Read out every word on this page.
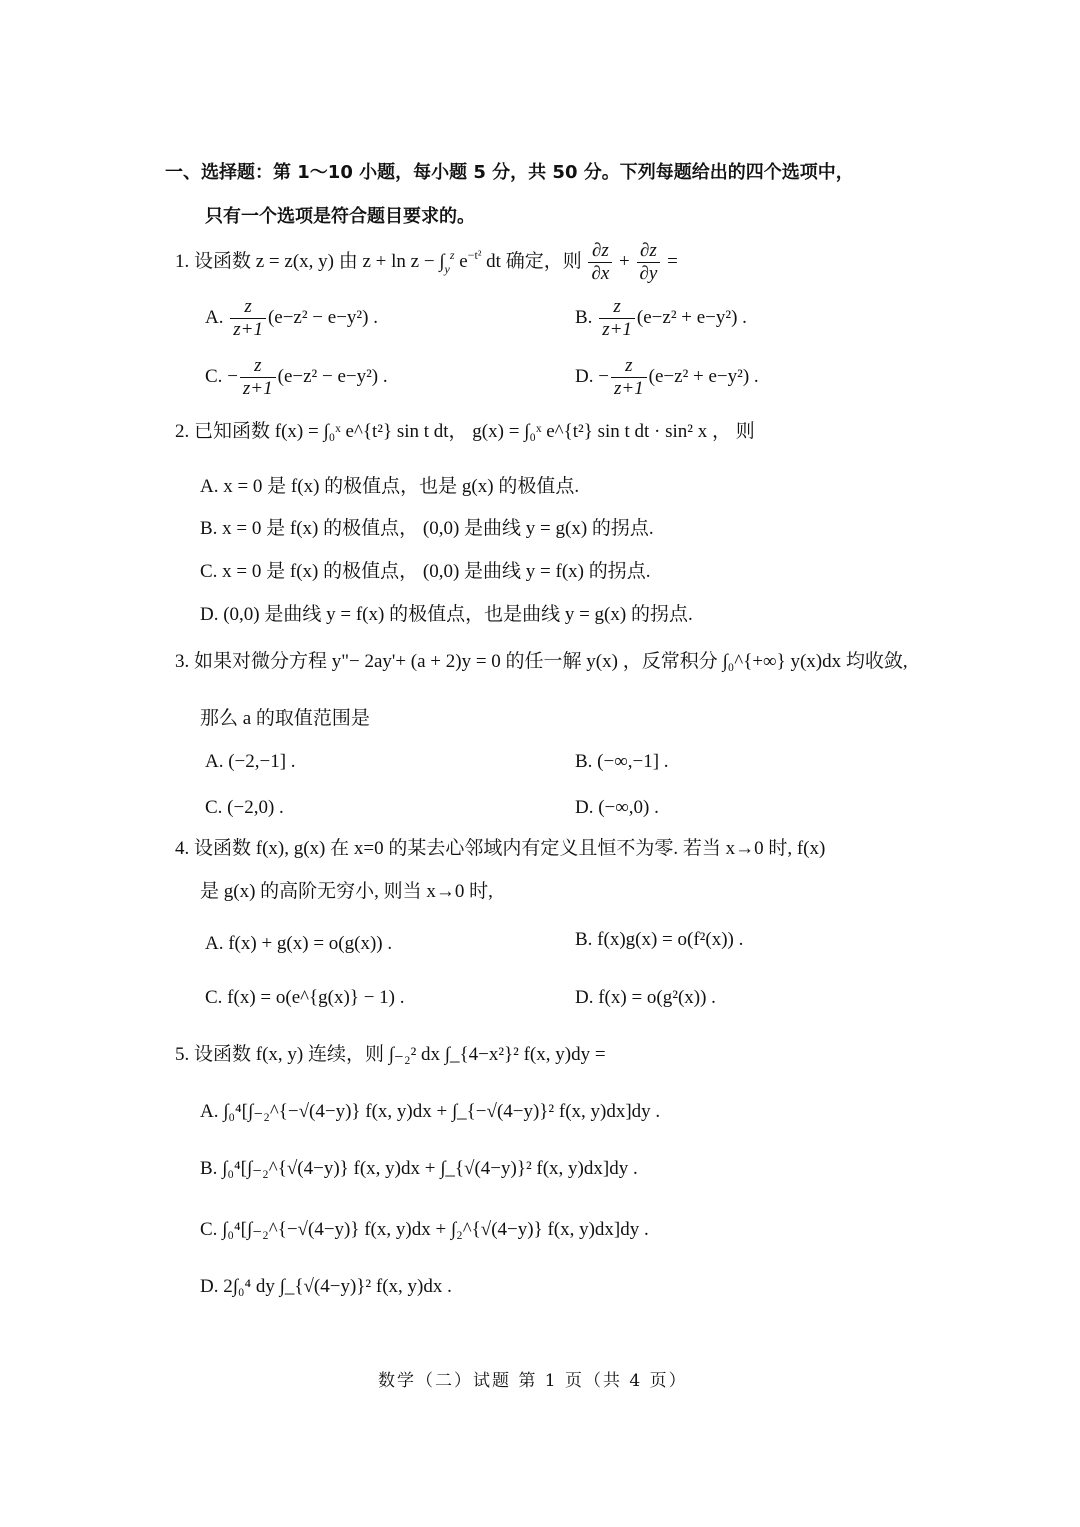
一、选择题：第 1～10 小题，每小题 5 分，共 50 分。下列每题给出的四个选项中，
只有一个选项是符合题目要求的。
1. 设函数 z = z(x, y) 由 $z + \ln z - \int_y^z$ $e^{-t^2}$ dt 确定，则 $\frac{\partial z}{\partial x} + \frac{\partial z}{\partial y}$ =
A. $\frac{z}{z+1} (e-z^2 - e-y^2)$ .	B. $\frac{z}{z+1} (e-z^2 + e-y^2)$ .
C. − $\frac{z}{z+1} (e-z^2 - e-y^2)$ .	D. − $\frac{z}{z+1} (e-z^2 + e-y^2)$ .
2. 已知函数 f(x) = ∫₀ˣ e^{t²} sin t dt， g(x) = ∫₀ˣ e^{t²} sin t dt · sin² x ， 则
A. x = 0 是 f(x) 的极值点，也是 g(x) 的极值点.
B. x = 0 是 f(x) 的极值点， (0,0) 是曲线 y = g(x) 的拐点.
C. x = 0 是 f(x) 的极值点， (0,0) 是曲线 y = f(x) 的拐点.
D. (0,0) 是曲线 y = f(x) 的极值点，也是曲线 y = g(x) 的拐点.
3. 如果对微分方程 y"− 2ay'+ (a + 2)y = 0 的任一解 y(x) ，反常积分 ∫₀^{+∞} y(x)dx 均收敛,
那么 a 的取值范围是
A. (−2,−1] .	B. (−∞,−1] .
C. (−2,0) .	D. (−∞,0) .
4. 设函数 f(x), g(x) 在 x=0 的某去心邻域内有定义且恒不为零. 若当 x→0 时, f(x)
是 g(x) 的高阶无穷小, 则当 x→0 时,
A. f(x) + g(x) = o(g(x)) .	B. f(x)g(x) = o(f²(x)) .
C. f(x) = o(e^{g(x)} − 1) .	D. f(x) = o(g²(x)) .
5. 设函数 f(x, y) 连续，则 ∫₋₂² dx ∫_{4−x²}² f(x, y)dy =
A. ∫₀⁴[∫₋₂^{−√(4−y)} f(x, y)dx + ∫_{−√(4−y)}² f(x, y)dx]dy .
B. ∫₀⁴[∫₋₂^{√(4−y)} f(x, y)dx + ∫_{√(4−y)}² f(x, y)dx]dy .
C. ∫₀⁴[∫₋₂^{−√(4−y)} f(x, y)dx + ∫₂^{√(4−y)} f(x, y)dx]dy .
D. 2∫₀⁴ dy ∫_{√(4−y)}² f(x, y)dx .
数学（二）试题 第 1 页（共 4 页）
